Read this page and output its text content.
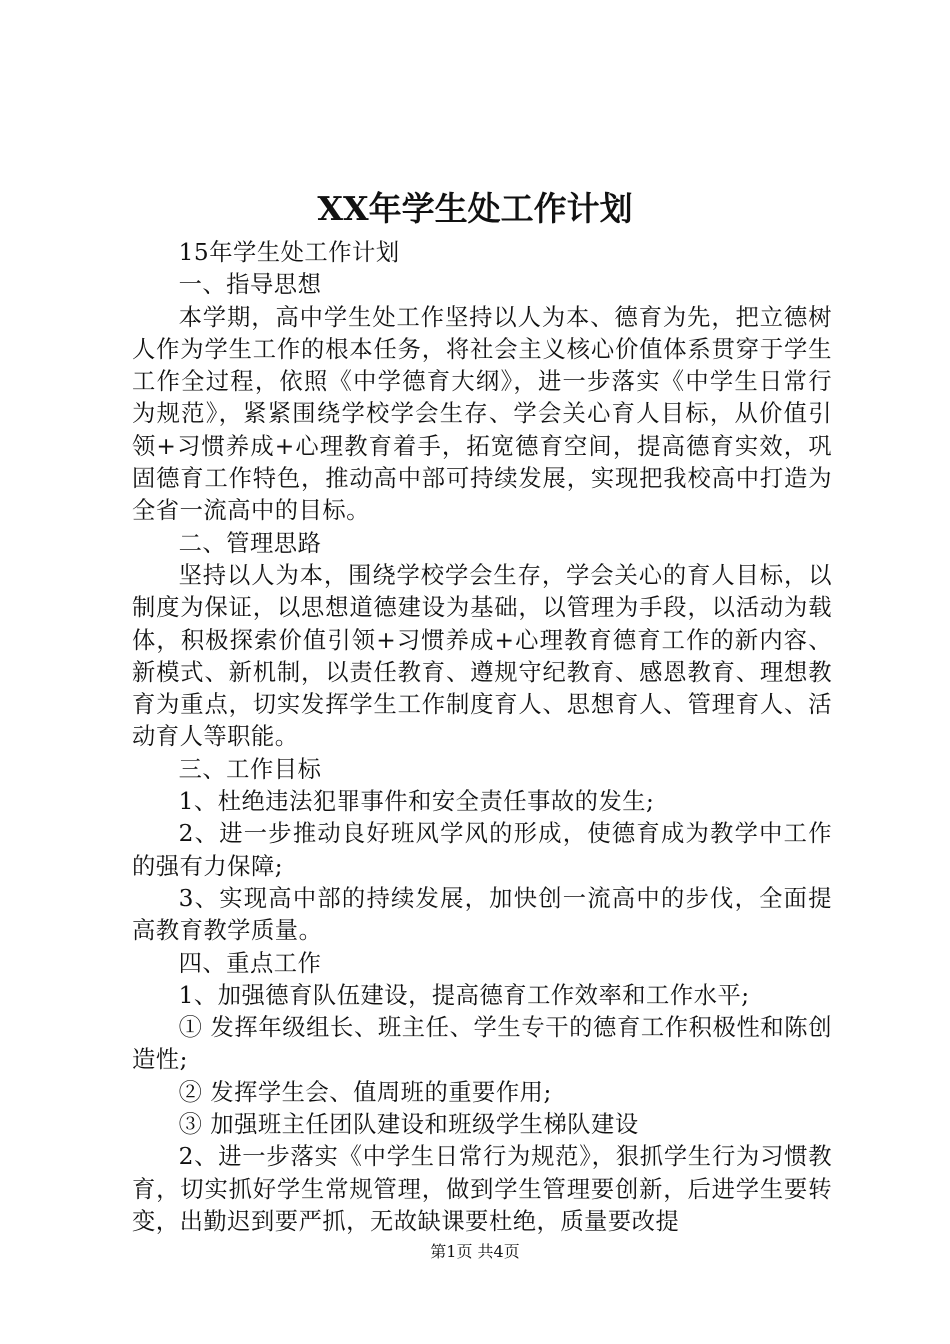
XX年学生处工作计划

15年学生处工作计划

一、指导思想

本学期，高中学生处工作坚持以人为本、德育为先，把立德树人作为学生工作的根本任务，将社会主义核心价值体系贯穿于学生工作全过程，依照《中学德育大纲》，进一步落实《中学生日常行为规范》，紧紧围绕学校学会生存、学会关心育人目标，从价值引领+习惯养成+心理教育着手，拓宽德育空间，提高德育实效，巩固德育工作特色，推动高中部可持续发展，实现把我校高中打造为全省一流高中的目标。

二、管理思路

坚持以人为本，围绕学校学会生存，学会关心的育人目标，以制度为保证，以思想道德建设为基础，以管理为手段，以活动为载体，积极探索价值引领+习惯养成+心理教育德育工作的新内容、新模式、新机制，以责任教育、遵规守纪教育、感恩教育、理想教育为重点，切实发挥学生工作制度育人、思想育人、管理育人、活动育人等职能。

三、工作目标

1、杜绝违法犯罪事件和安全责任事故的发生;

2、进一步推动良好班风学风的形成，使德育成为教学中工作的强有力保障;

3、实现高中部的持续发展，加快创一流高中的步伐，全面提高教育教学质量。

四、重点工作

1、加强德育队伍建设，提高德育工作效率和工作水平;

① 发挥年级组长、班主任、学生专干的德育工作积极性和陈创造性;

② 发挥学生会、值周班的重要作用;

③ 加强班主任团队建设和班级学生梯队建设

2、进一步落实《中学生日常行为规范》，狠抓学生行为习惯教育，切实抓好学生常规管理，做到学生管理要创新，后进学生要转变，出勤迟到要严抓，无故缺课要杜绝，质量要改提

第1页 共4页
